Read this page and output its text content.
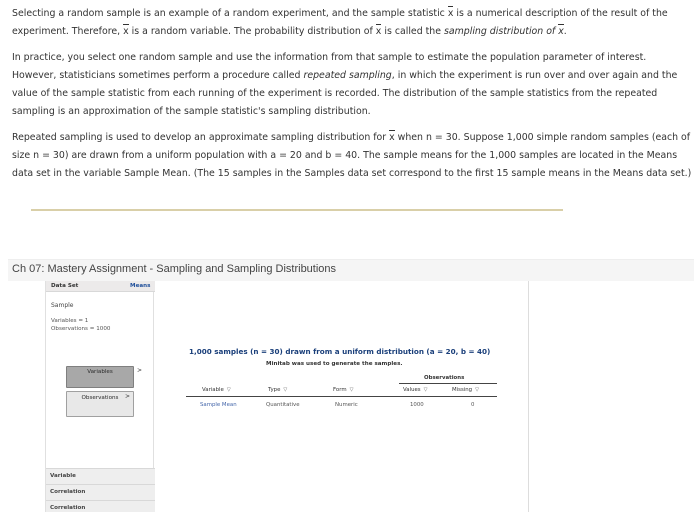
Selecting a random sample is an example of a random experiment, and the sample statistic x is a numerical description of the result of the experiment. Therefore, x is a random variable. The probability distribution of x is called the sampling distribution of x.
In practice, you select one random sample and use the information from that sample to estimate the population parameter of interest. However, statisticians sometimes perform a procedure called repeated sampling, in which the experiment is run over and over again and the value of the sample statistic from each running of the experiment is recorded. The distribution of the sample statistics from the repeated sampling is an approximation of the sample statistic's sampling distribution.
Repeated sampling is used to develop an approximate sampling distribution for x when n = 30. Suppose 1,000 simple random samples (each of size n = 30) are drawn from a uniform population with a = 20 and b = 40. The sample means for the 1,000 samples are located in the Means data set in the variable Sample Mean. (The 15 samples in the Samples data set correspond to the first 15 sample means in the Means data set.)
Ch 07: Mastery Assignment - Sampling and Sampling Distributions
Data Set	Means
Sample
Variables = 1
Observations = 1000
Variables	>
Observations	>
Variable
Correlation
Correlation
1,000 samples (n = 30) drawn from a uniform distribution (a = 20, b = 40)
Minitab was used to generate the samples.
Observations
Variable ▽	Type ▽	Form ▽	Values ▽	Missing ▽
Sample Mean	Quantitative	Numeric	1000	0
